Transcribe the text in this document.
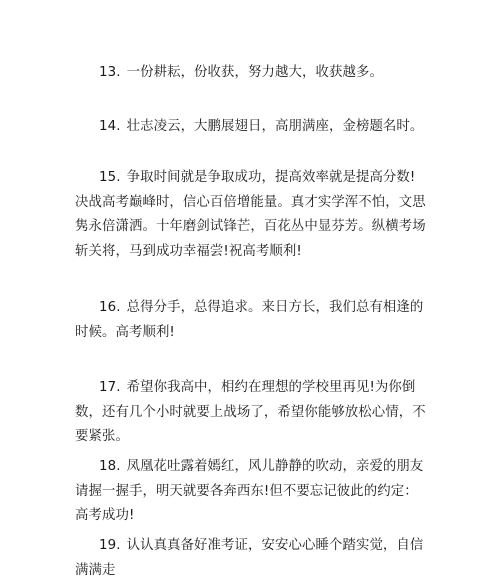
13. 一份耕耘，份收获，努力越大，收获越多。

14. 壮志凌云，大鹏展翅日，高朋满座，金榜题名时。

15. 争取时间就是争取成功，提高效率就是提高分数!　　决战高考巅峰时，信心百倍增能量。真才实学浑不怕，文思隽永倍潇洒。十年磨剑试锋芒，百花丛中显芬芳。纵横考场斩关将，马到成功幸福尝!祝高考顺利!

16. 总得分手，总得追求。来日方长，我们总有相逢的时候。高考顺利!

17. 希望你我高中，相约在理想的学校里再见!为你倒数，还有几个小时就要上战场了，希望你能够放松心情，不要紧张。

18. 凤凰花吐露着嫣红，风儿静静的吹动，亲爱的朋友请握一握手，明天就要各奔西东!但不要忘记彼此的约定：高考成功!

19. 认认真真备好准考证，安安心心睡个踏实觉，自信满满走
